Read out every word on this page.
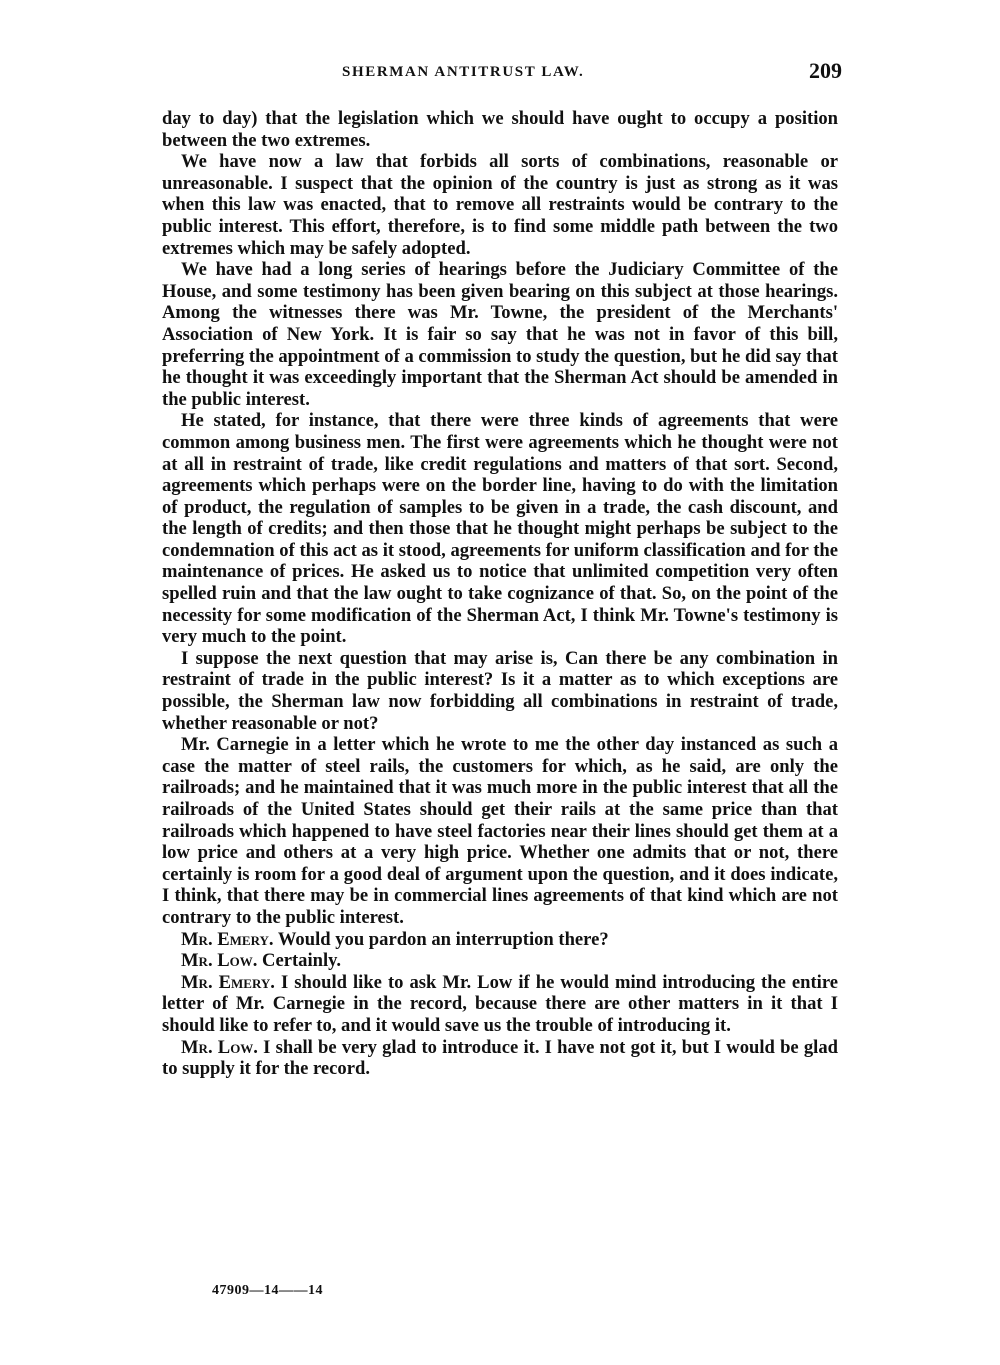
SHERMAN ANTITRUST LAW.	209

day to day) that the legislation which we should have ought to occupy a position between the two extremes.

We have now a law that forbids all sorts of combinations, reasonable or unreasonable. I suspect that the opinion of the country is just as strong as it was when this law was enacted, that to remove all restraints would be contrary to the public interest. This effort, therefore, is to find some middle path between the two extremes which may be safely adopted.

We have had a long series of hearings before the Judiciary Committee of the House, and some testimony has been given bearing on this subject at those hearings. Among the witnesses there was Mr. Towne, the president of the Merchants' Association of New York. It is fair so say that he was not in favor of this bill, preferring the appointment of a commission to study the question, but he did say that he thought it was exceedingly important that the Sherman Act should be amended in the public interest.

He stated, for instance, that there were three kinds of agreements that were common among business men. The first were agreements which he thought were not at all in restraint of trade, like credit regulations and matters of that sort. Second, agreements which perhaps were on the border line, having to do with the limitation of product, the regulation of samples to be given in a trade, the cash discount, and the length of credits; and then those that he thought might perhaps be subject to the condemnation of this act as it stood, agreements for uniform classification and for the maintenance of prices. He asked us to notice that unlimited competition very often spelled ruin and that the law ought to take cognizance of that. So, on the point of the necessity for some modification of the Sherman Act, I think Mr. Towne's testimony is very much to the point.

I suppose the next question that may arise is, Can there be any combination in restraint of trade in the public interest? Is it a matter as to which exceptions are possible, the Sherman law now forbidding all combinations in restraint of trade, whether reasonable or not?

Mr. Carnegie in a letter which he wrote to me the other day instanced as such a case the matter of steel rails, the customers for which, as he said, are only the railroads; and he maintained that it was much more in the public interest that all the railroads of the United States should get their rails at the same price than that railroads which happened to have steel factories near their lines should get them at a low price and others at a very high price. Whether one admits that or not, there certainly is room for a good deal of argument upon the question, and it does indicate, I think, that there may be in commercial lines agreements of that kind which are not contrary to the public interest.

Mr. Emery. Would you pardon an interruption there?

Mr. Low. Certainly.

Mr. Emery. I should like to ask Mr. Low if he would mind introducing the entire letter of Mr. Carnegie in the record, because there are other matters in it that I should like to refer to, and it would save us the trouble of introducing it.

Mr. Low. I shall be very glad to introduce it. I have not got it, but I would be glad to supply it for the record.

47909—14——14
